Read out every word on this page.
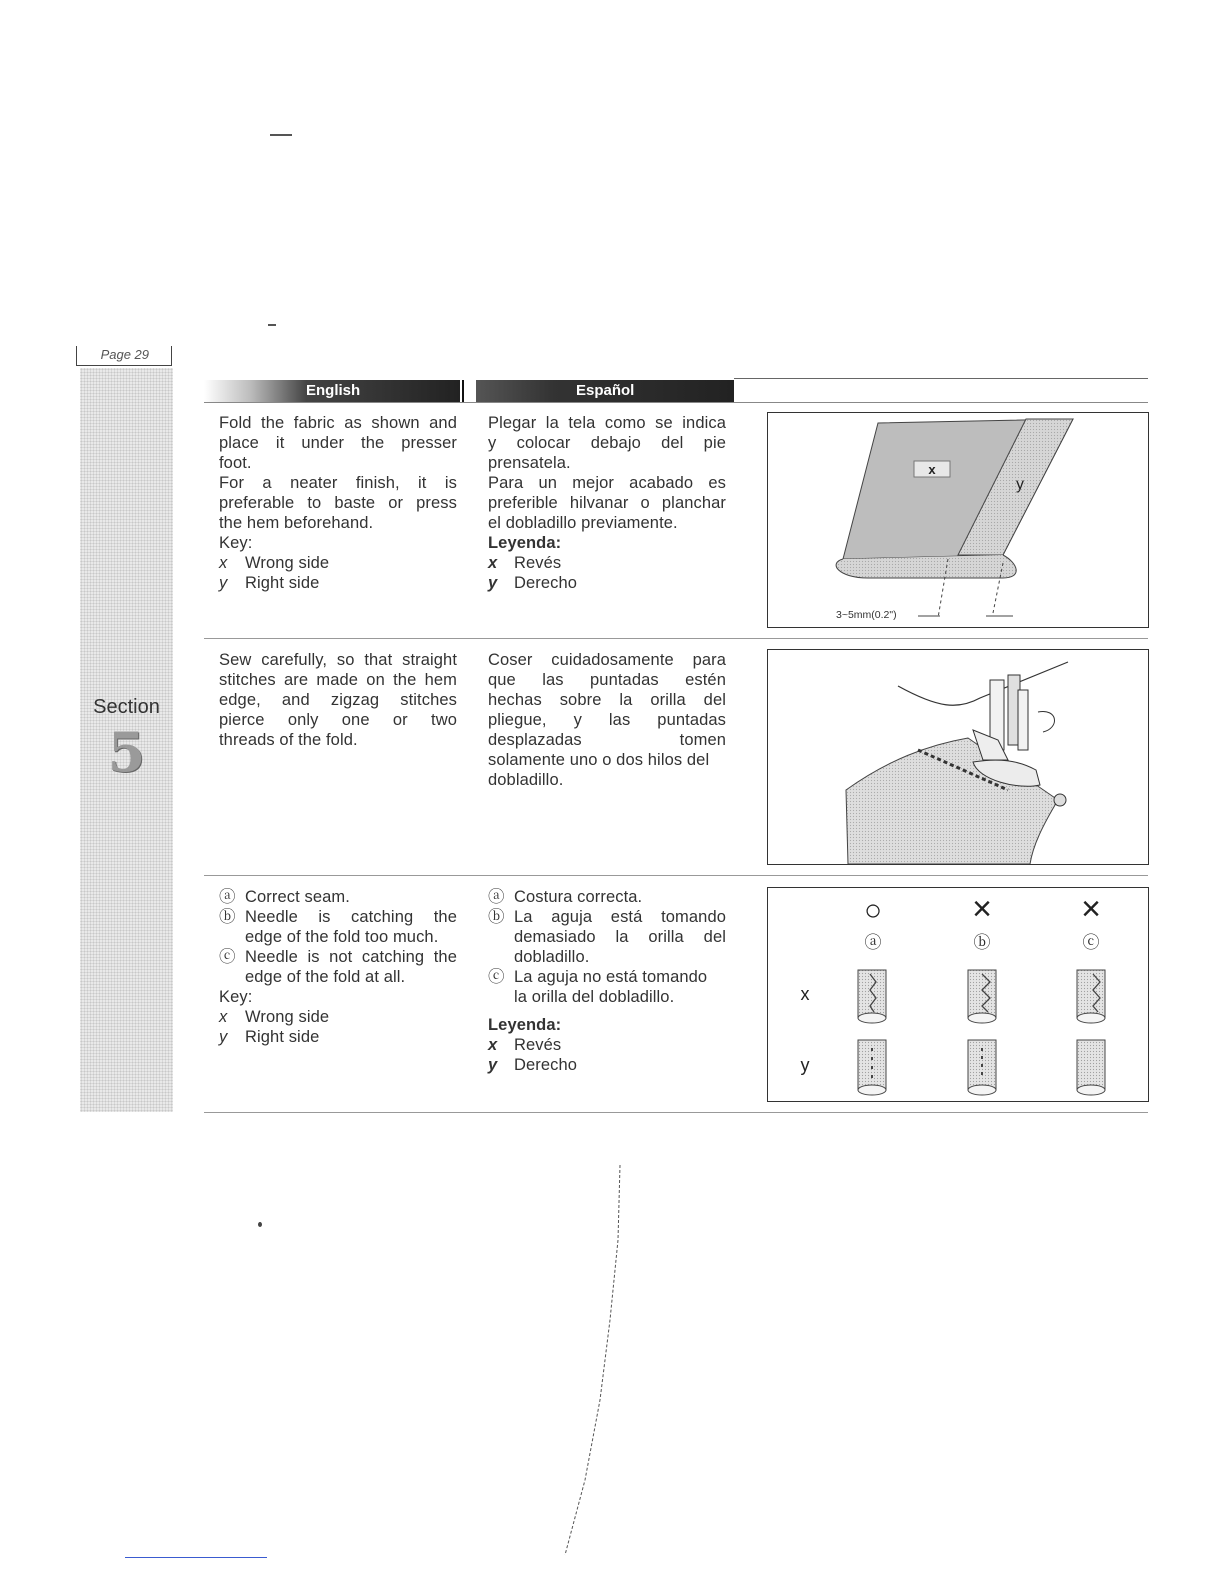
Page 29
Section
5
English	Español

Fold the fabric as shown and

place it under the presser

foot.

For a neater finish, it is

preferable to baste or press

the hem beforehand.

Key:

x	Wrong side
y	Right side

Plegar la tela como se indica

y colocar debajo del pie

prensatela.

Para un mejor acabado es

preferible hilvanar o planchar

el dobladillo previamente.

Leyenda:

x	Revés
y	Derecho
x
y
3~5mm(0.2")

Sew carefully, so that straight

stitches are made on the hem

edge, and zigzag stitches

pierce only one or two

threads of the fold.

Coser cuidadosamente para

que las puntadas estén

hechas sobre la orilla del

pliegue, y las puntadas

desplazadas tomen

solamente uno o dos hilos del

dobladillo.

ⓐ Correct seam.

ⓑ Needle is catching the

edge of the fold too much.

ⓒ Needle is not catching the

edge of the fold at all.

Key:

x	Wrong side
y	Right side
ⓐ Costura correcta.

ⓑ La aguja está tomando

demasiado la orilla del

dobladillo.

ⓒ La aguja no está tomando

la orilla del dobladillo.

Leyenda:

x	Revés
y	Derecho
○	×	×
ⓐ	ⓑ	ⓒ
x
y
